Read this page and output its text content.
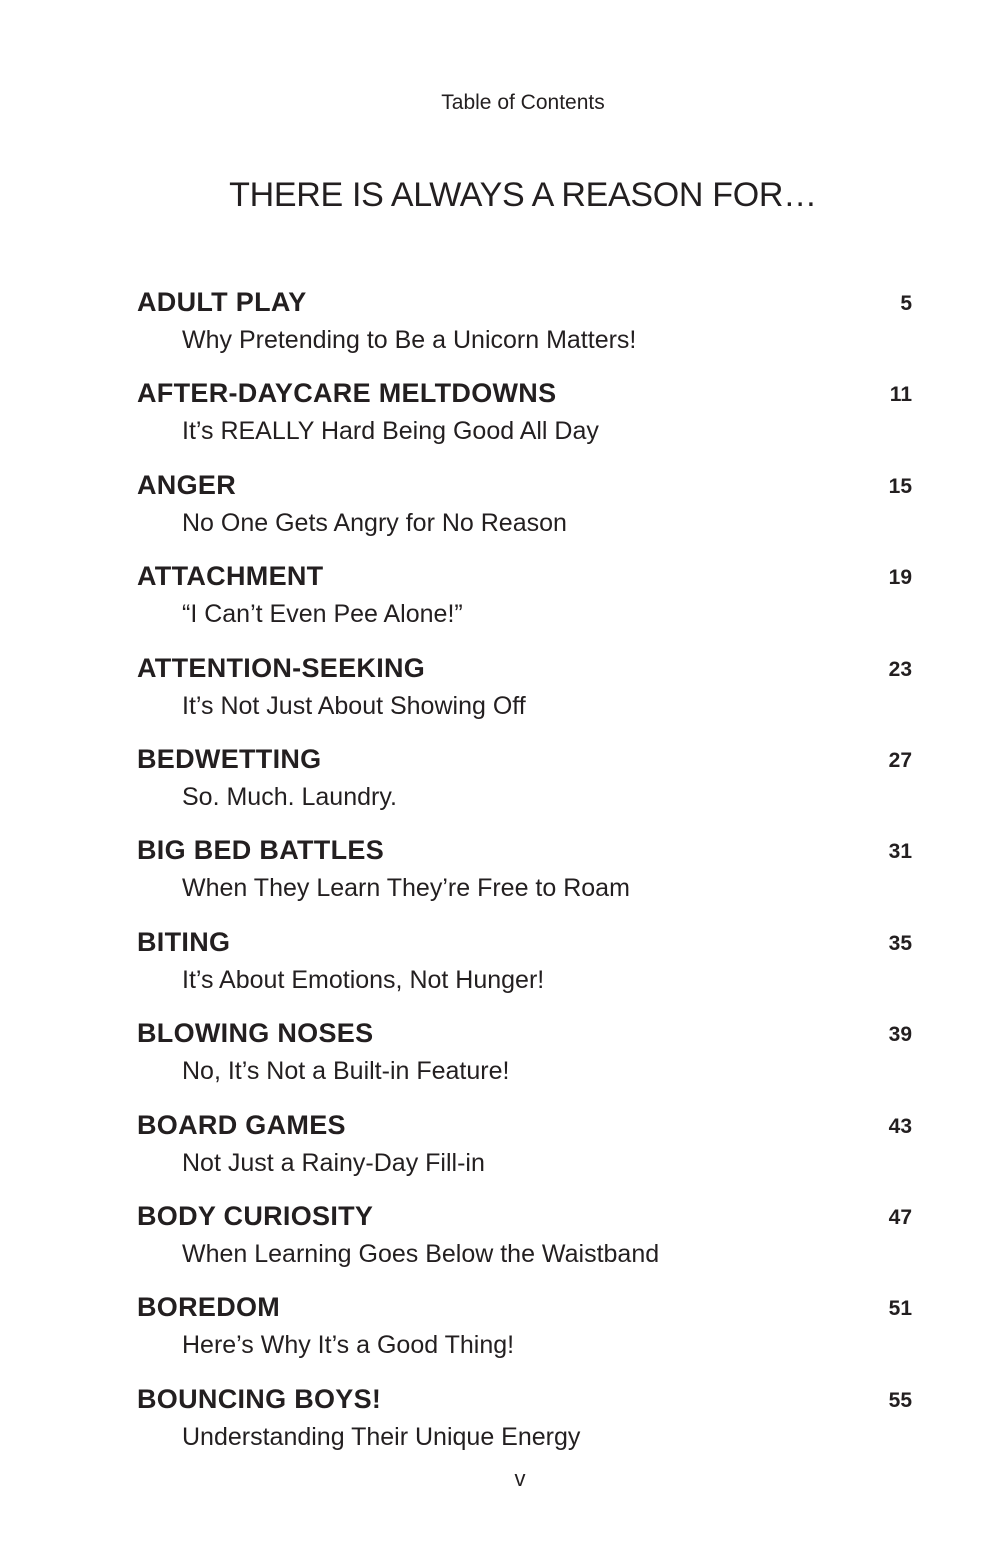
Table of Contents
THERE IS ALWAYS A REASON FOR…
ADULT PLAY	5
Why Pretending to Be a Unicorn Matters!
AFTER-DAYCARE MELTDOWNS	11
It’s REALLY Hard Being Good All Day
ANGER	15
No One Gets Angry for No Reason
ATTACHMENT	19
“I Can’t Even Pee Alone!”
ATTENTION-SEEKING	23
It’s Not Just About Showing Off
BEDWETTING	27
So. Much. Laundry.
BIG BED BATTLES	31
When They Learn They’re Free to Roam
BITING	35
It’s About Emotions, Not Hunger!
BLOWING NOSES	39
No, It’s Not a Built-in Feature!
BOARD GAMES	43
Not Just a Rainy-Day Fill-in
BODY CURIOSITY	47
When Learning Goes Below the Waistband
BOREDOM	51
Here’s Why It’s a Good Thing!
BOUNCING BOYS!	55
Understanding Their Unique Energy
v
